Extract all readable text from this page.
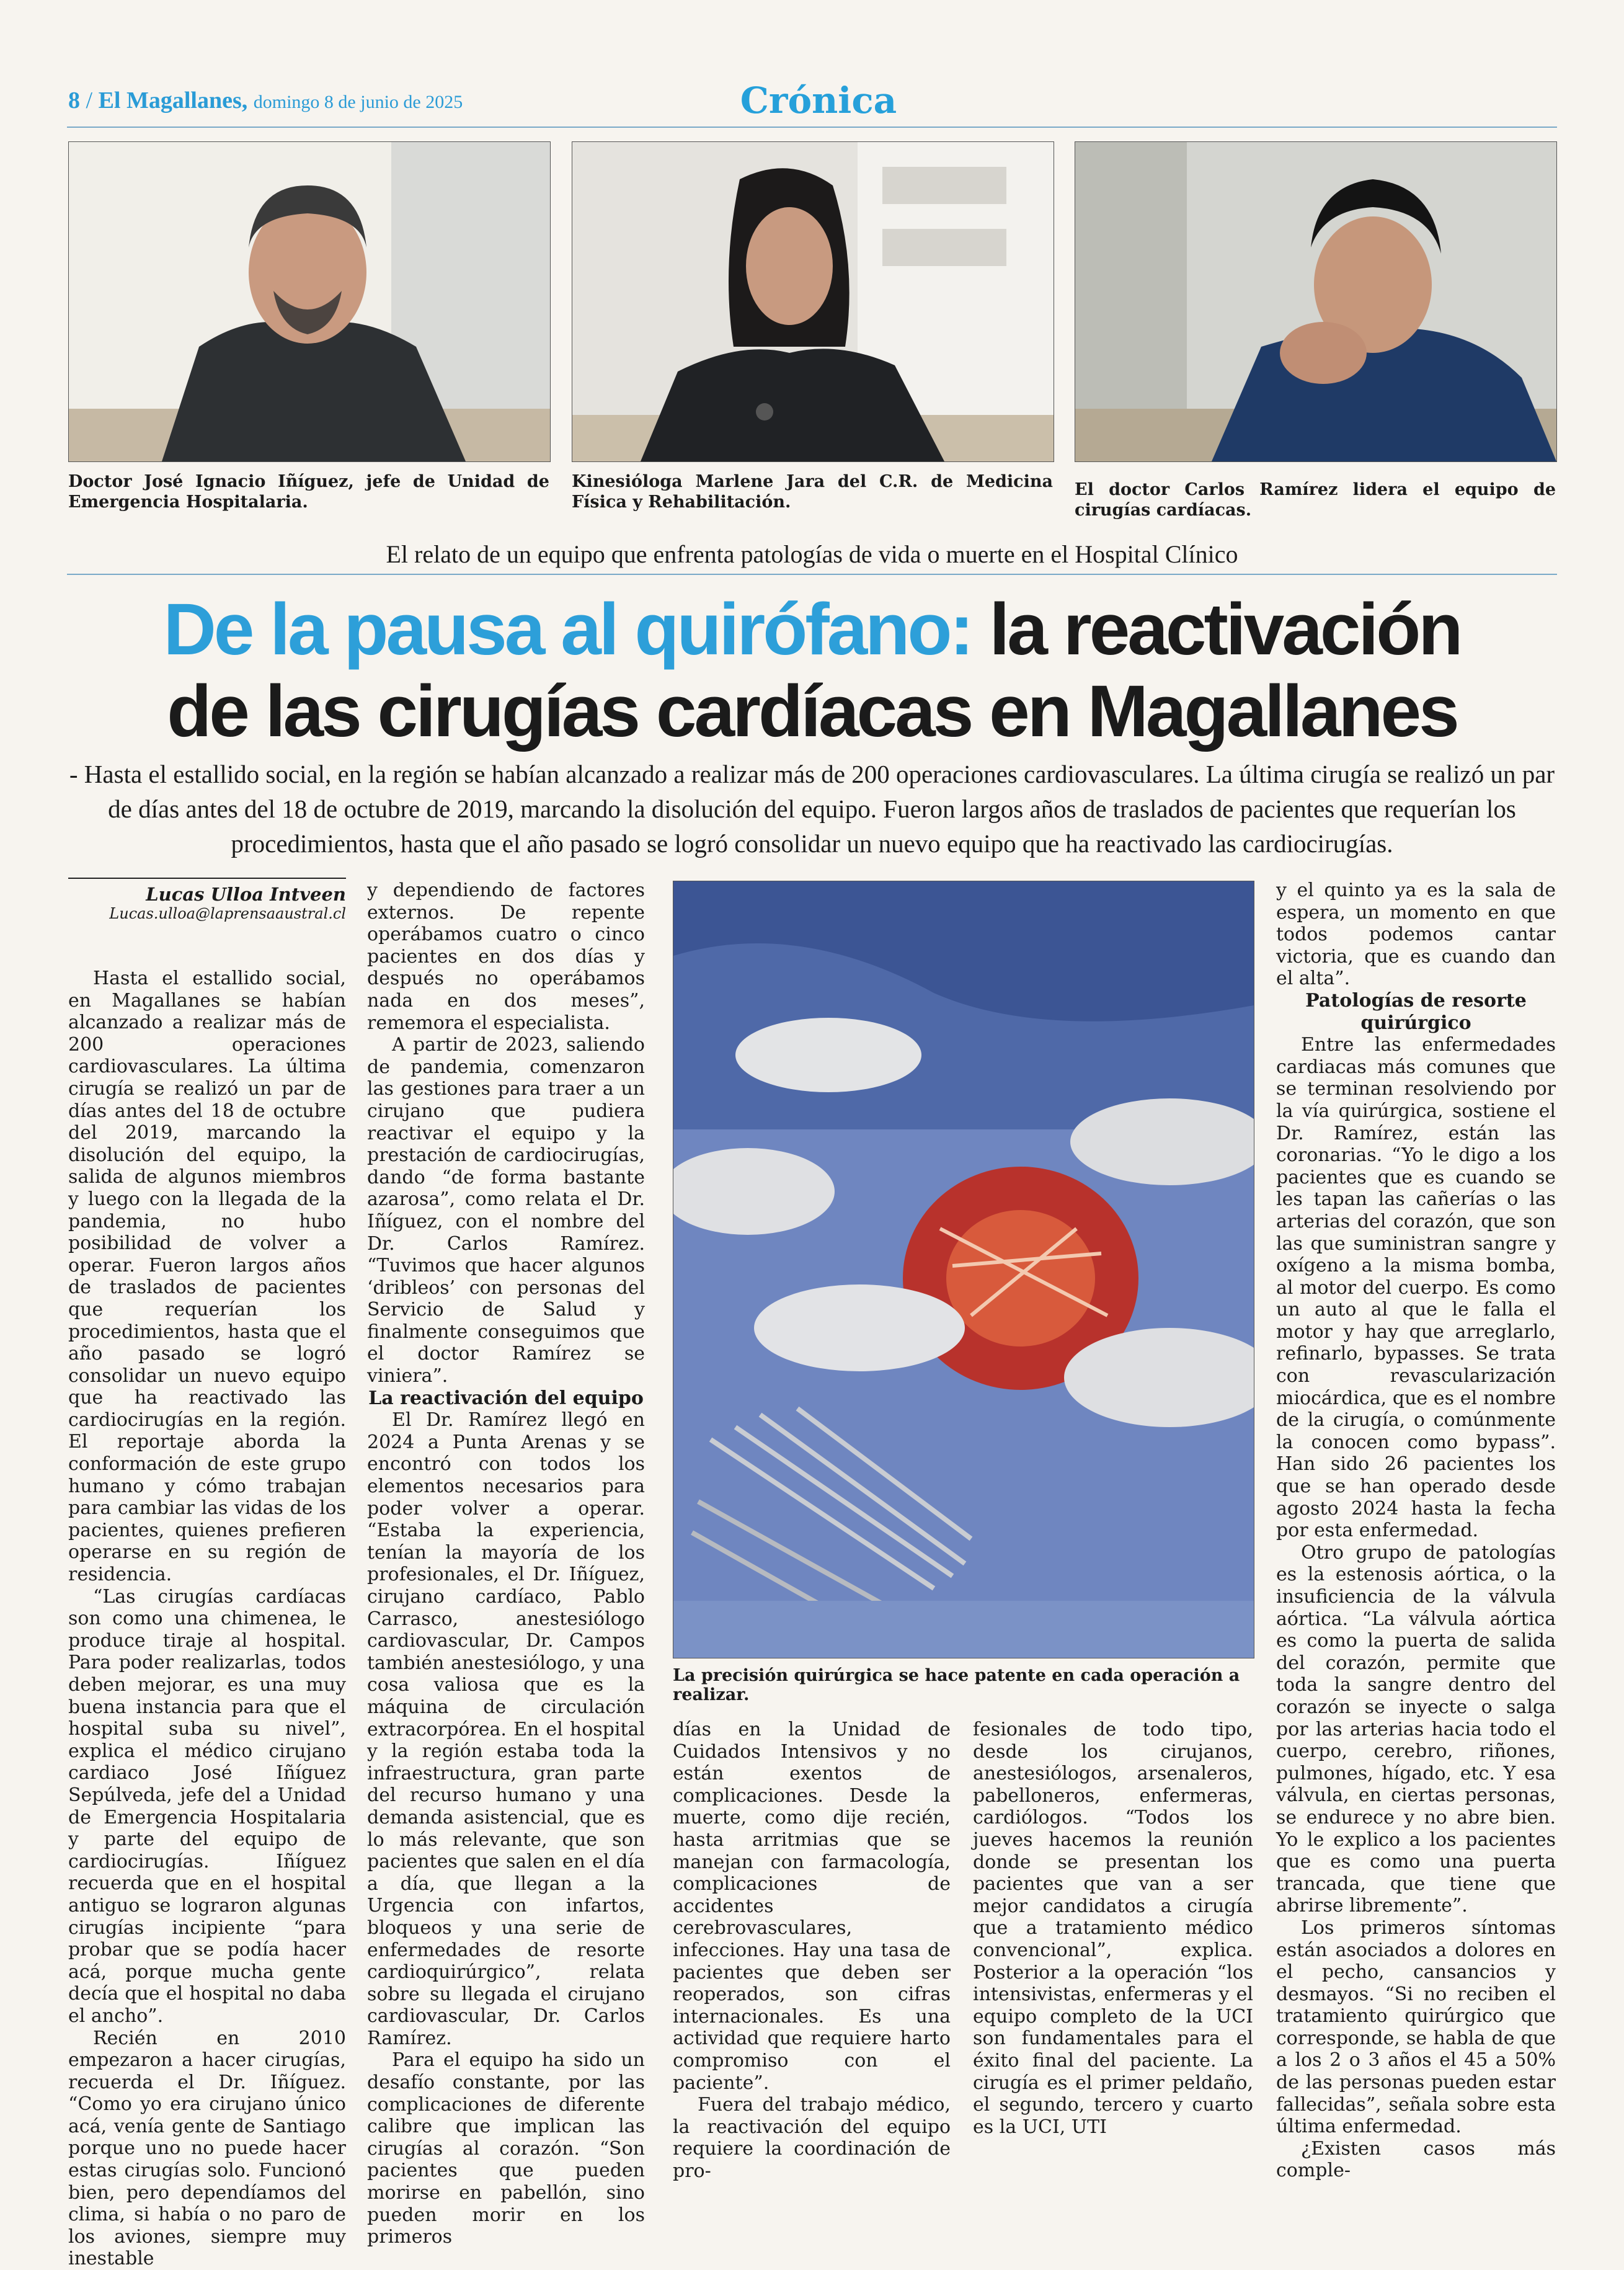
8 / El Magallanes, domingo 8 de junio de 2025	Crónica
Doctor José Ignacio Iñíguez, jefe de Unidad de Emergencia Hospitalaria.
Kinesióloga Marlene Jara del C.R. de Medicina Física y Rehabilitación.
El doctor Carlos Ramírez lidera el equipo de cirugías cardíacas.
El relato de un equipo que enfrenta patologías de vida o muerte en el Hospital Clínico
De la pausa al quirófano: la reactivación
de las cirugías cardíacas en Magallanes
- Hasta el estallido social, en la región se habían alcanzado a realizar más de 200 operaciones cardiovasculares. La última cirugía se realizó un par de días antes del 18 de octubre de 2019, marcando la disolución del equipo. Fueron largos años de traslados de pacientes que requerían los procedimientos, hasta que el año pasado se logró consolidar un nuevo equipo que ha reactivado las cardiocirugías.
Lucas Ulloa Intveen
Lucas.ulloa@laprensaaustral.cl

Hasta el estallido social, en Magallanes se habían alcanzado a realizar más de 200 operaciones cardiovasculares. La última cirugía se realizó un par de días antes del 18 de octubre del 2019, marcando la disolución del equipo, la salida de algunos miembros y luego con la llegada de la pandemia, no hubo posibilidad de volver a operar. Fueron largos años de traslados de pacientes que requerían los procedimientos, hasta que el año pasado se logró consolidar un nuevo equipo que ha reactivado las cardiocirugías en la región. El reportaje aborda la conformación de este grupo humano y cómo trabajan para cambiar las vidas de los pacientes, quienes prefieren operarse en su región de residencia.

“Las cirugías cardíacas son como una chimenea, le produce tiraje al hospital. Para poder realizarlas, todos deben mejorar, es una muy buena instancia para que el hospital suba su nivel”, explica el médico cirujano cardiaco José Iñíguez Sepúlveda, jefe del a Unidad de Emergencia Hospitalaria y parte del equipo de cardiocirugías. Iñíguez recuerda que en el hospital antiguo se lograron algunas cirugías incipiente “para probar que se podía hacer acá, porque mucha gente decía que el hospital no daba el ancho”.

Recién en 2010 empezaron a hacer cirugías, recuerda el Dr. Iñíguez. “Como yo era cirujano único acá, venía gente de Santiago porque uno no puede hacer estas cirugías solo. Funcionó bien, pero dependíamos del clima, si había o no paro de los aviones, siempre muy inestable

y dependiendo de factores externos. De repente operábamos cuatro o cinco pacientes en dos días y después no operábamos nada en dos meses”, rememora el especialista.

A partir de 2023, saliendo de pandemia, comenzaron las gestiones para traer a un cirujano que pudiera reactivar el equipo y la prestación de cardiocirugías, dando “de forma bastante azarosa”, como relata el Dr. Iñíguez, con el nombre del Dr. Carlos Ramírez. “Tuvimos que hacer algunos ‘dribleos’ con personas del Servicio de Salud y finalmente conseguimos que el doctor Ramírez se viniera”.

La reactivación del equipo

El Dr. Ramírez llegó en 2024 a Punta Arenas y se encontró con todos los elementos necesarios para poder volver a operar. “Estaba la experiencia, tenían la mayoría de los profesionales, el Dr. Iñíguez, cirujano cardíaco, Pablo Carrasco, anestesiólogo cardiovascular, Dr. Campos también anestesiólogo, y una cosa valiosa que es la máquina de circulación extracorpórea. En el hospital y la región estaba toda la infraestructura, gran parte del recurso humano y una demanda asistencial, que es lo más relevante, que son pacientes que salen en el día a día, que llegan a la Urgencia con infartos, bloqueos y una serie de enfermedades de resorte cardioquirúrgico”, relata sobre su llegada el cirujano cardiovascular, Dr. Carlos Ramírez.

Para el equipo ha sido un desafío constante, por las complicaciones de diferente calibre que implican las cirugías al corazón. “Son pacientes que pueden morirse en pabellón, sino pueden morir en los primeros

La precisión quirúrgica se hace patente en cada operación a realizar.

días en la Unidad de Cuidados Intensivos y no están exentos de complicaciones. Desde la muerte, como dije recién, hasta arritmias que se manejan con farmacología, complicaciones de accidentes cerebrovasculares, infecciones. Hay una tasa de pacientes que deben ser reoperados, son cifras internacionales. Es una actividad que requiere harto compromiso con el paciente”.

Fuera del trabajo médico, la reactivación del equipo requiere la coordinación de pro-

fesionales de todo tipo, desde los cirujanos, anestesiólogos, arsenaleros, pabelloneros, enfermeras, cardiólogos. “Todos los jueves hacemos la reunión donde se presentan los pacientes que van a ser mejor candidatos a cirugía que a tratamiento médico convencional”, explica. Posterior a la operación “los intensivistas, enfermeras y el equipo completo de la UCI son fundamentales para el éxito final del paciente. La cirugía es el primer peldaño, el segundo, tercero y cuarto es la UCI, UTI

y el quinto ya es la sala de espera, un momento en que todos podemos cantar victoria, que es cuando dan el alta”.

Patologías de resorte quirúrgico

Entre las enfermedades cardiacas más comunes que se terminan resolviendo por la vía quirúrgica, sostiene el Dr. Ramírez, están las coronarias. “Yo le digo a los pacientes que es cuando se les tapan las cañerías o las arterias del corazón, que son las que suministran sangre y oxígeno a la misma bomba, al motor del cuerpo. Es como un auto al que le falla el motor y hay que arreglarlo, refinarlo, bypasses. Se trata con revascularización miocárdica, que es el nombre de la cirugía, o comúnmente la conocen como bypass”. Han sido 26 pacientes los que se han operado desde agosto 2024 hasta la fecha por esta enfermedad.

Otro grupo de patologías es la estenosis aórtica, o la insuficiencia de la válvula aórtica. “La válvula aórtica es como la puerta de salida del corazón, permite que toda la sangre dentro del corazón se inyecte o salga por las arterias hacia todo el cuerpo, cerebro, riñones, pulmones, hígado, etc. Y esa válvula, en ciertas personas, se endurece y no abre bien. Yo le explico a los pacientes que es como una puerta trancada, que tiene que abrirse libremente”.

Los primeros síntomas están asociados a dolores en el pecho, cansancios y desmayos. “Si no reciben el tratamiento quirúrgico que corresponde, se habla de que a los 2 o 3 años el 45 a 50% de las personas pueden estar fallecidas”, señala sobre esta última enfermedad.

¿Existen casos más comple-
